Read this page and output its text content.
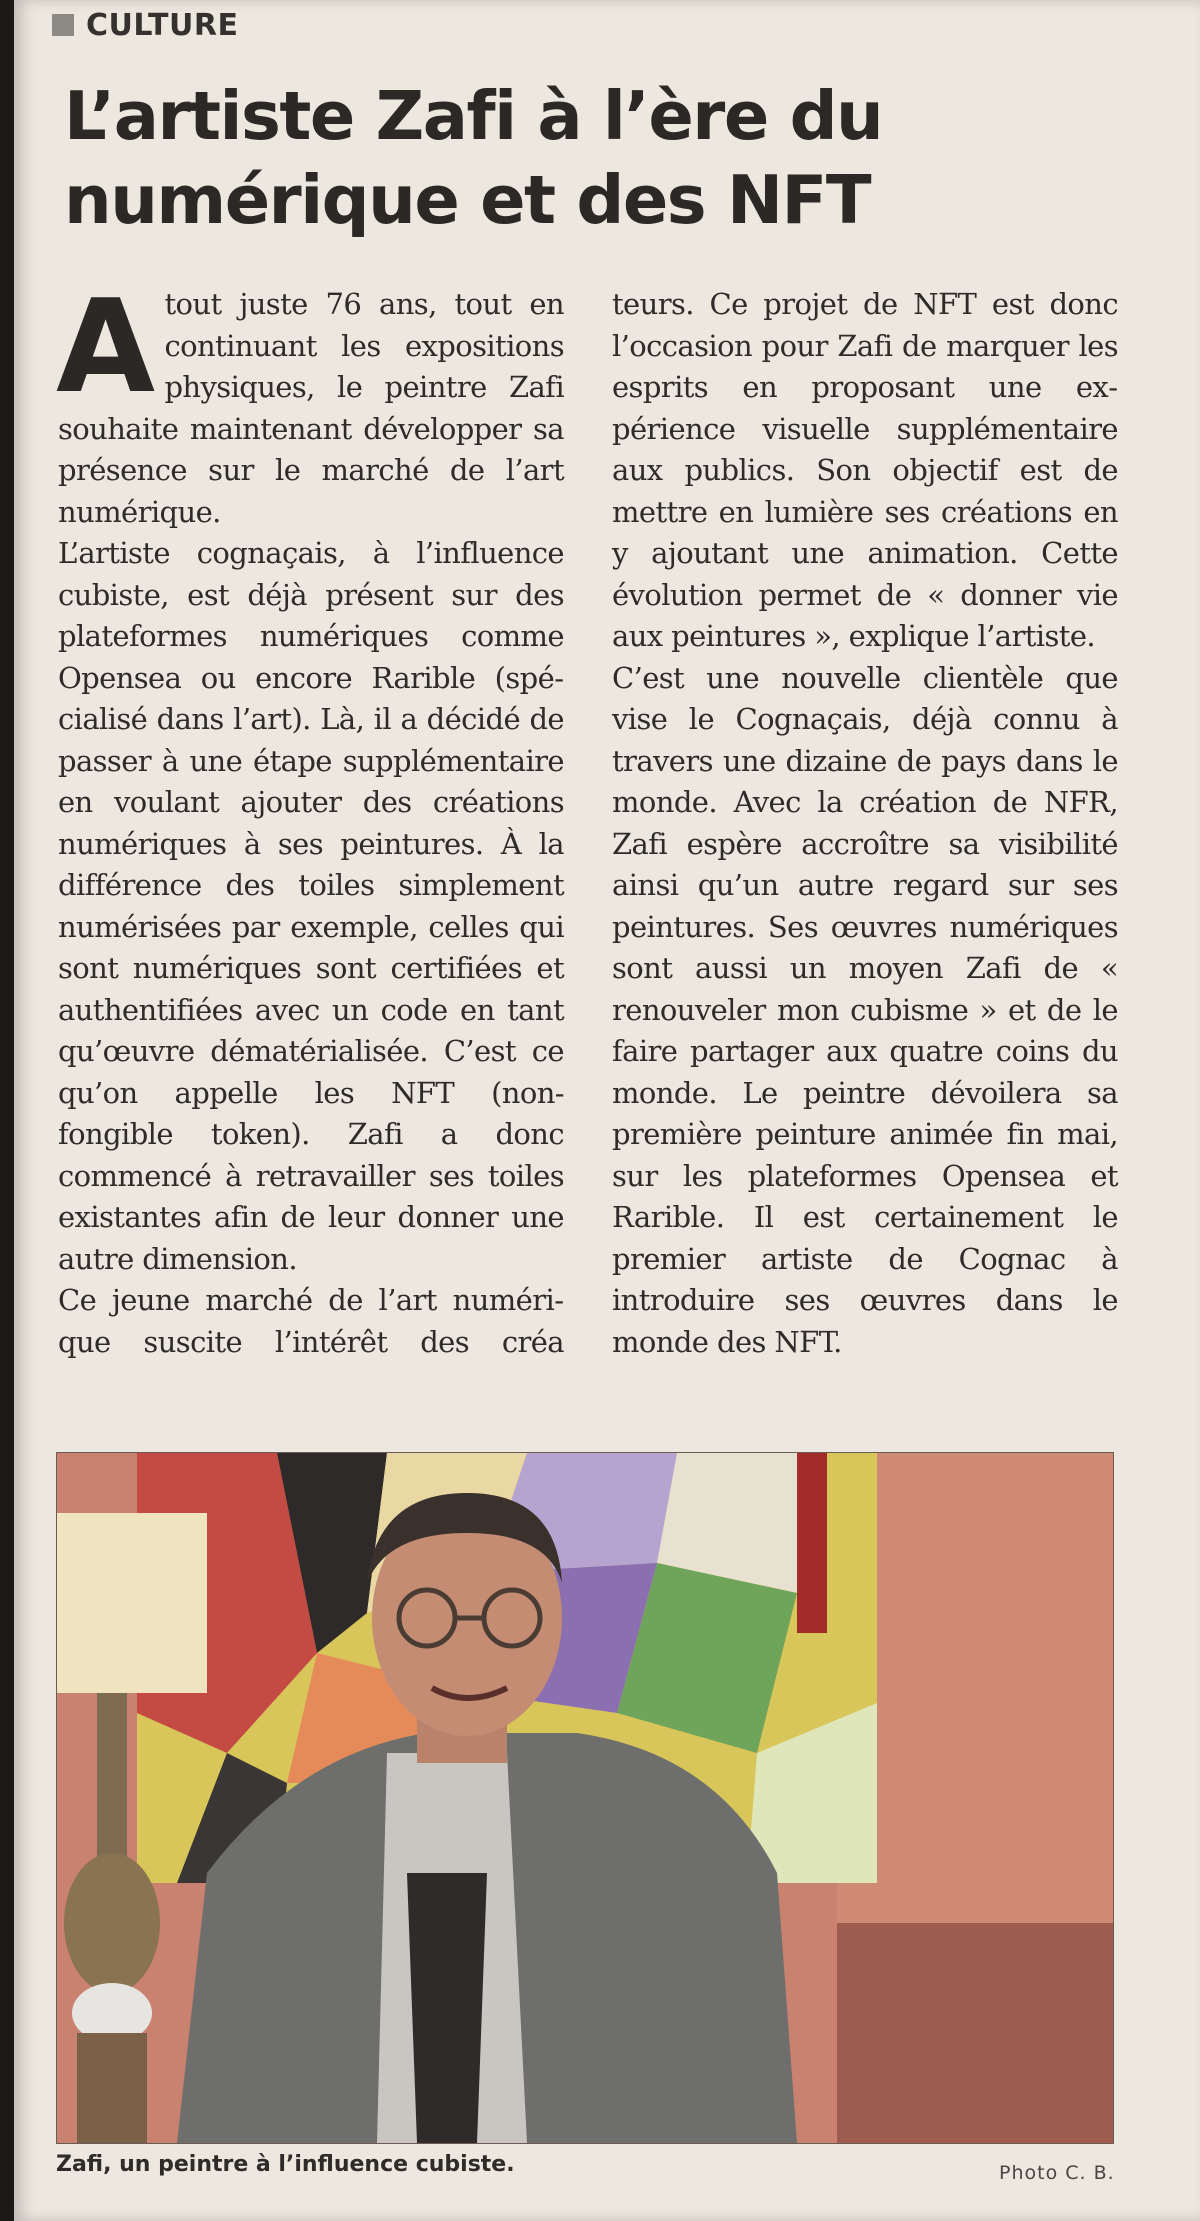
CULTURE
L’artiste Zafi à l’ère du numérique et des NFT

Atout juste 76 ans, tout en continuant les expositions physiques, le peintre Zafi souhaite maintenant développer sa présence sur le marché de l’art numérique.

L’artiste cognaçais, à l’influence cubiste, est déjà présent sur des plateformes numériques comme Opensea ou encore Rarible (spécialisé dans l’art). Là, il a décidé de passer à une étape supplémentaire en voulant ajouter des créations numériques à ses peintures. À la différence des toiles simplement numérisées par exemple, celles qui sont numériques sont certifiées et authentifiées avec un code en tant qu’œuvre dématérialisée. C’est ce qu’on appelle les NFT (non-fongible token). Zafi a donc commencé à retravailler ses toiles existantes afin de leur donner une autre dimension.

Ce jeune marché de l’art numérique suscite l’intérêt des créa

teurs. Ce projet de NFT est donc l’occasion pour Zafi de marquer les esprits en proposant une expérience visuelle supplémentaire aux publics. Son objectif est de mettre en lumière ses créations en y ajoutant une animation. Cette évolution permet de « donner vie aux peintures », explique l’artiste.

C’est une nouvelle clientèle que vise le Cognaçais, déjà connu à travers une dizaine de pays dans le monde. Avec la création de NFR, Zafi espère accroître sa visibilité ainsi qu’un autre regard sur ses peintures. Ses œuvres numériques sont aussi un moyen Zafi de « renouveler mon cubisme » et de le faire partager aux quatre coins du monde. Le peintre dévoilera sa première peinture animée fin mai, sur les plateformes Opensea et Rarible. Il est certainement le premier artiste de Cognac à introduire ses œuvres dans le monde des NFT.

Zafi, un peintre à l’influence cubiste.	Photo C. B.
